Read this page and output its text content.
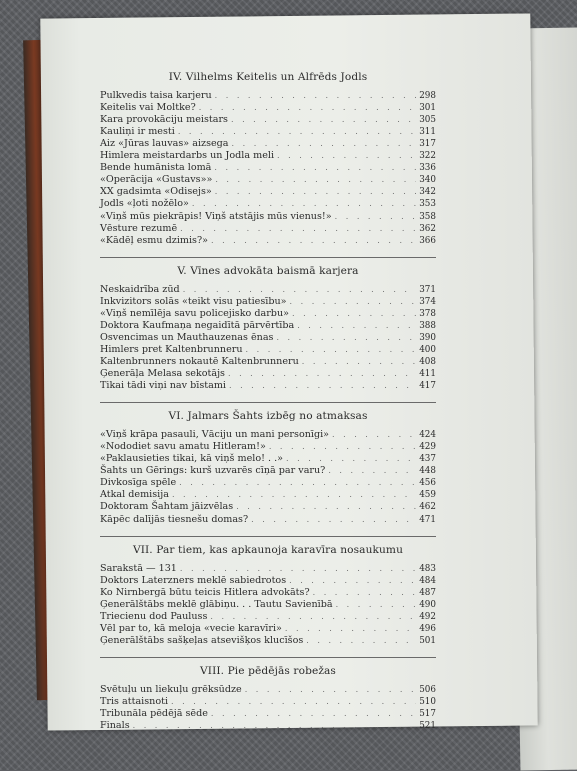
IV. Vilhelms Keitelis un Alfrēds Jodls
Pulkvedis taisa karjeru . . .	298
Keitelis vai Moltke? . . .	301
Kara provokāciju meistars . . .	305
Kauliņi ir mesti . . .	311
Aiz «Jūras lauvas» aizsega . . .	317
Himlera meistardarbs un Jodla meli . . .	322
Bende humānista lomā . . .	336
«Operācija «Gustavs»» . . .	340
XX gadsimta «Odisejs» . . .	342
Jodls «ļoti nožēlo» . . .	353
«Viņš mūs piekrāpis! Viņš atstājis mūs vienus!» . . .	358
Vēsture rezumē . . .	362
«Kādēļ esmu dzimis?» . . .	366
V. Vīnes advokāta baismā karjera
Neskaidrība zūd . . .	371
Inkvizitors solās «teikt visu patiesību» . . .	374
«Viņš nemīlēja savu policejisko darbu» . . .	378
Doktora Kaufmaņa negaidītā pārvērtība . . .	388
Osvencimas un Mauthauzenas ēnas . . .	390
Himlers pret Kaltenbrunneru . . .	400
Kaltenbrunners nokautē Kaltenbrunneru . . .	408
Ģenerāļa Melasa sekotājs . . .	411
Tikai tādi viņi nav bīstami . . .	417
VI. Jalmars Šahts izbēg no atmaksas
«Viņš krāpa pasauli, Vāciju un mani personīgi» . . .	424
«Nododiet savu amatu Hitleram!» . . .	429
«Paklausieties tikai, kā viņš melo! . .» . . .	437
Šahts un Gērings: kurš uzvarēs cīņā par varu? . . .	448
Divkosīga spēle . . .	456
Atkal demisija . . .	459
Doktoram Šahtam jāizvēlas . . .	462
Kāpēc dalījās tiesnešu domas? . . .	471
VII. Par tiem, kas apkaunoja karavīra nosaukumu
Sarakstā — 131 . . .	483
Doktors Laterzners meklē sabiedrotos . . .	484
Ko Nirnbergā būtu teicis Hitlera advokāts? . . .	487
Ģenerālštābs meklē glābiņu. . . Tautu Savienībā . . .	490
Triecienu dod Pauluss . . .	492
Vēl par to, kā meloja «vecie karavīri» . . .	496
Ģenerālštābs sašķeļas atsevišķos klucīšos . . .	501
VIII. Pie pēdējās robežas
Svētuļu un liekuļu grēksūdze . . .	506
Tris attaisnoti . . .	510
Tribunāla pēdējā sēde . . .	517
Finals . . .	521
